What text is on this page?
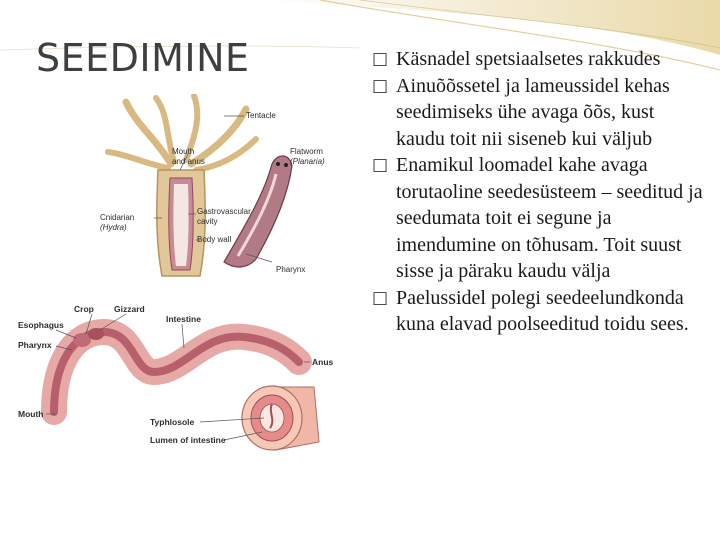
SEEDIMINE	□ Käsnadel spetsiaalsetes rakkudes
□ Ainuõõssetel ja lameussidel kehas seedimiseks ühe avaga õõs, kust kaudu toit nii siseneb kui väljub
□ Enamikul loomadel kahe avaga torutaoline seedesüsteem – seeditud ja seedumata toit ei segune ja imendumine on tõhusam. Toit suust sisse ja päraku kaudu välja
□ Paelussidel polegi seedeelundkonda kuna elavad poolseeditud toidu sees.
Tentacle
Mouth
and anus
Cnidarian
(Hydra)
Gastrovascular
cavity
Body wall
Flatworm
(Planaria)
Pharynx
Crop Gizzard
Esophagus
Pharynx
Intestine
Anus
Mouth
Typhlosole
Lumen of intestine
